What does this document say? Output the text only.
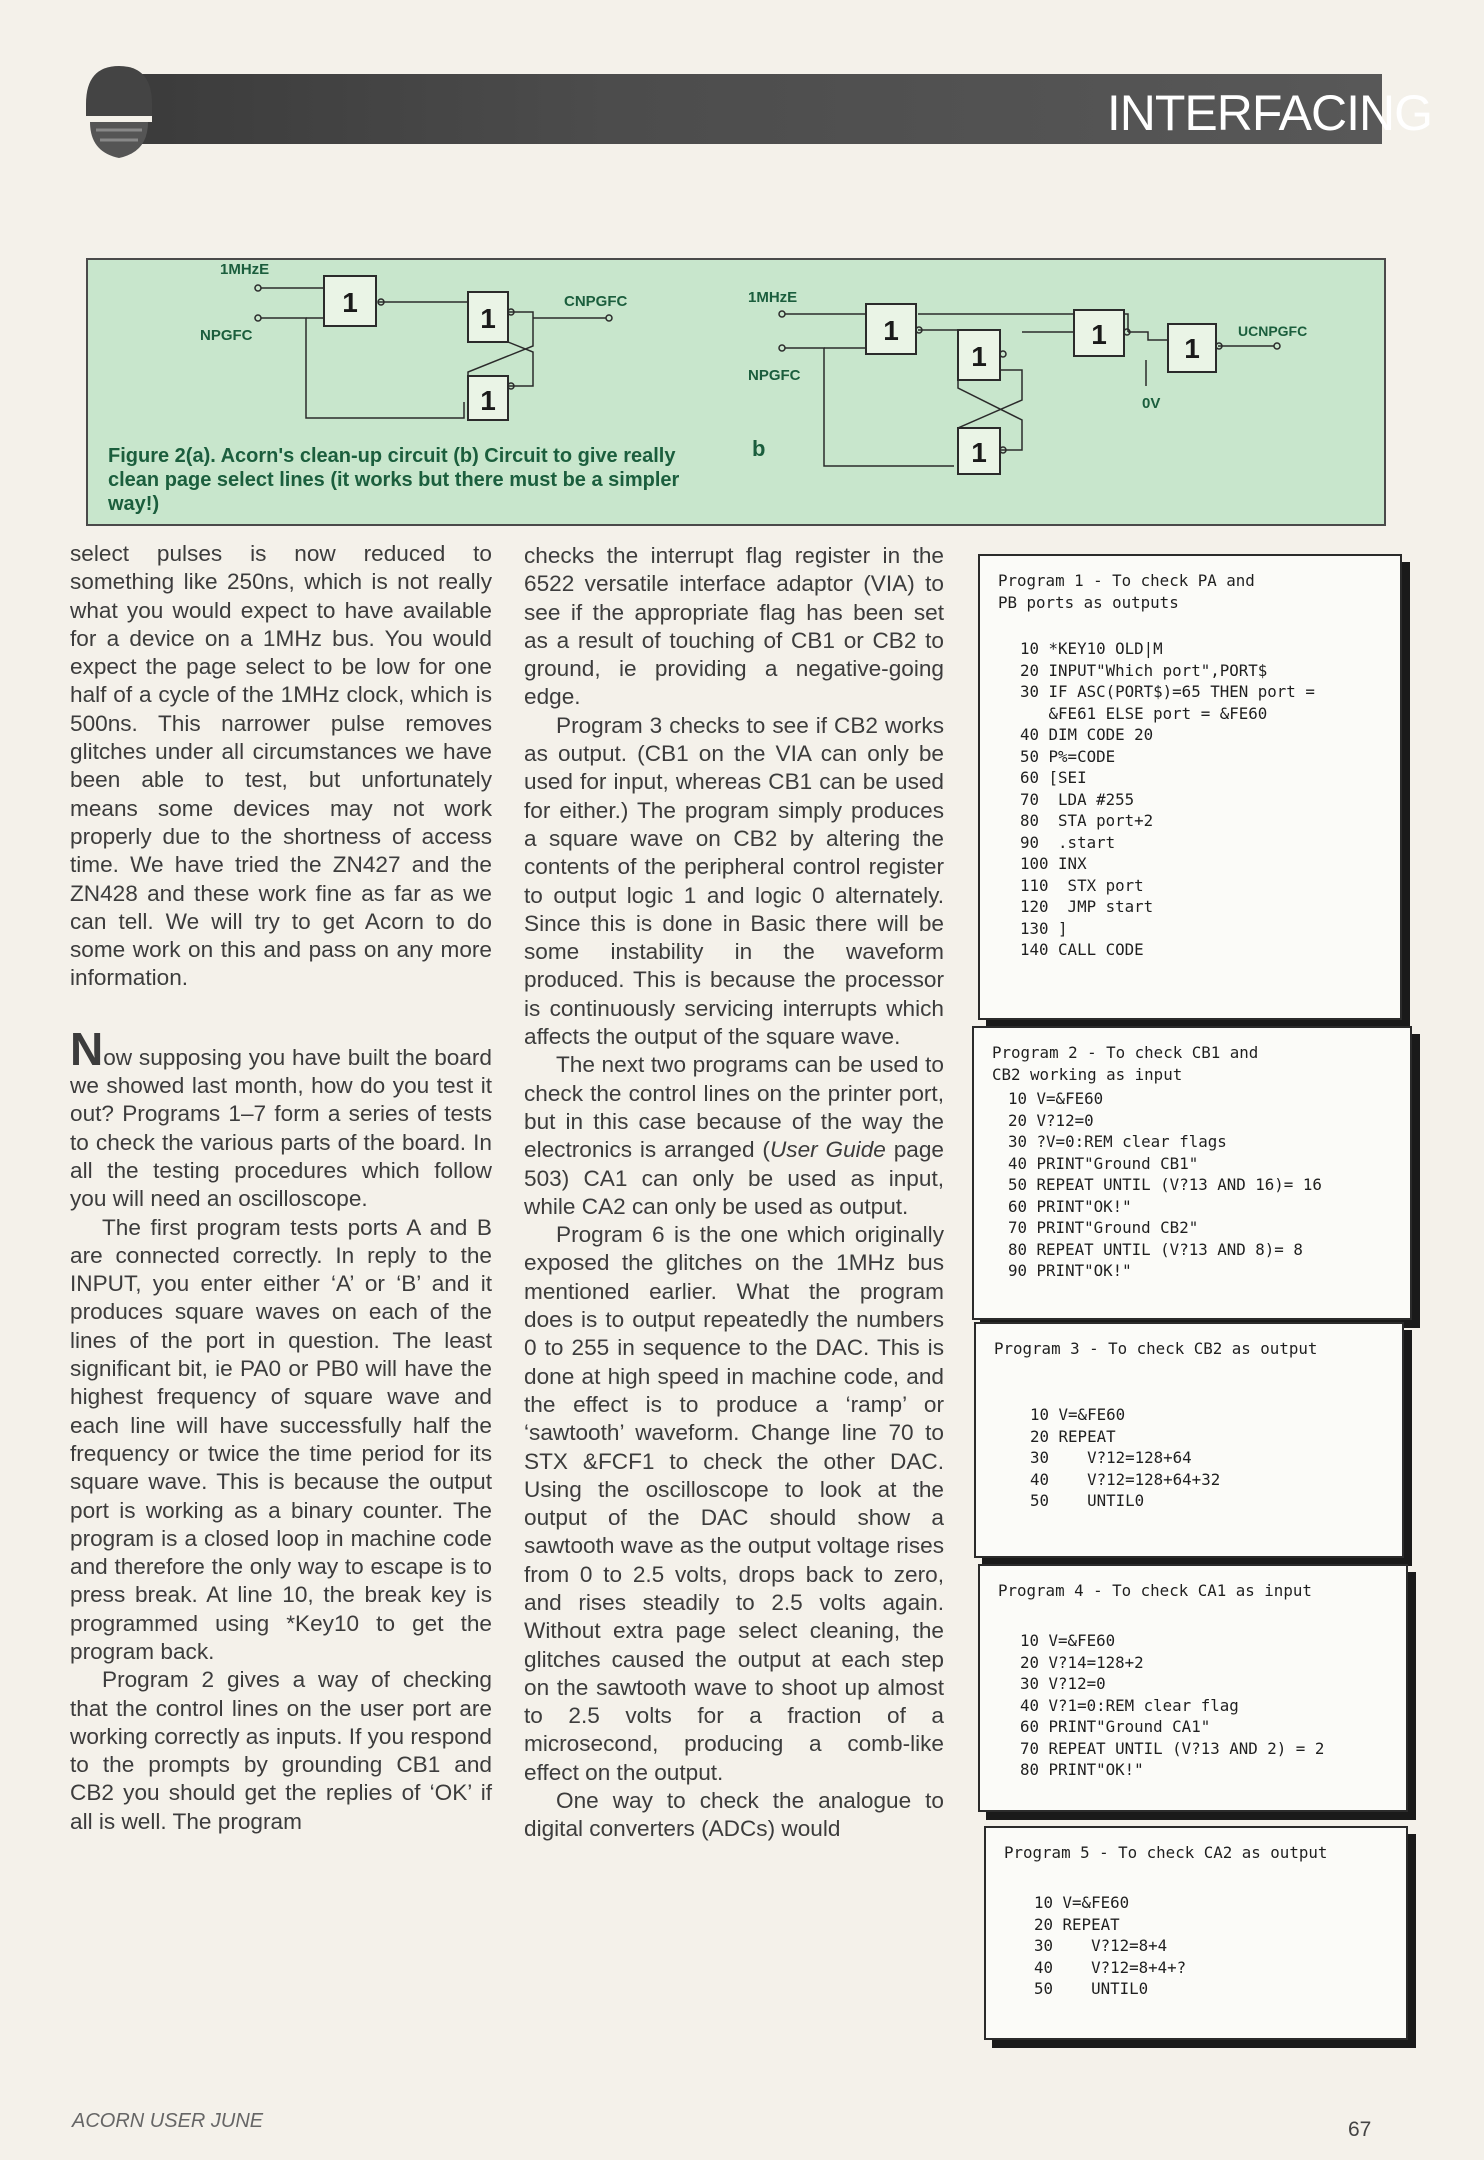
INTERFACING
1MHzE
NPGFC
CNPGFC
1
1
1
1MHzE
NPGFC
UCNPGFC
0V
b
1
1
1
1	1
Figure 2(a). Acorn's clean-up circuit (b) Circuit to give really clean page select lines (it works but there must be a simpler way!)

select pulses is now reduced to something like 250ns, which is not really what you would expect to have available for a device on a 1MHz bus. You would expect the page select to be low for one half of a cycle of the 1MHz clock, which is 500ns. This narrower pulse removes glitches under all circumstances we have been able to test, but unfortunately means some devices may not work properly due to the shortness of access time. We have tried the ZN427 and the ZN428 and these work fine as far as we can tell. We will try to get Acorn to do some work on this and pass on any more information.

Now supposing you have built the board we showed last month, how do you test it out? Programs 1–7 form a series of tests to check the various parts of the board. In all the testing procedures which follow you will need an oscilloscope.

The first program tests ports A and B are connected correctly. In reply to the INPUT, you enter either ‘A’ or ‘B’ and it produces square waves on each of the lines of the port in question. The least significant bit, ie PA0 or PB0 will have the highest frequency of square wave and each line will have successfully half the frequency or twice the time period for its square wave. This is because the output port is working as a binary counter. The program is a closed loop in machine code and therefore the only way to escape is to press break. At line 10, the break key is programmed using *Key10 to get the program back.

Program 2 gives a way of checking that the control lines on the user port are working correctly as inputs. If you respond to the prompts by grounding CB1 and CB2 you should get the replies of ‘OK’ if all is well. The program

checks the interrupt flag register in the 6522 versatile interface adaptor (VIA) to see if the appropriate flag has been set as a result of touching of CB1 or CB2 to ground, ie providing a negative-going edge.

Program 3 checks to see if CB2 works as output. (CB1 on the VIA can only be used for input, whereas CB1 can be used for either.) The program simply produces a square wave on CB2 by altering the contents of the peripheral control register to output logic 1 and logic 0 alternately. Since this is done in Basic there will be some instability in the waveform produced. This is because the processor is continuously servicing interrupts which affects the output of the square wave.

The next two programs can be used to check the control lines on the printer port, but in this case because of the way the electronics is arranged (User Guide page 503) CA1 can only be used as input, while CA2 can only be used as output.

Program 6 is the one which originally exposed the glitches on the 1MHz bus mentioned earlier. What the program does is to output repeatedly the numbers 0 to 255 in sequence to the DAC. This is done at high speed in machine code, and the effect is to produce a ‘ramp’ or ‘sawtooth’ waveform. Change line 70 to STX &FCF1 to check the other DAC. Using the oscilloscope to look at the output of the DAC should show a sawtooth wave as the output voltage rises from 0 to 2.5 volts, drops back to zero, and rises steadily to 2.5 volts again. Without extra page select cleaning, the glitches caused the output at each step on the sawtooth wave to shoot up almost to 2.5 volts for a fraction of a microsecond, producing a comb-like effect on the output.

One way to check the analogue to digital converters (ADCs) would

Program 1 - To check PA and
PB ports as outputs
10 *KEY10 OLD|M
20 INPUT"Which port",PORT$
30 IF ASC(PORT$)=65 THEN port =
&FE61 ELSE port = &FE60
40 DIM CODE 20
50 P%=CODE
60 [SEI
70  LDA #255
80  STA port+2
90  .start
100 INX
110  STX port
120  JMP start
130 ]
140 CALL CODE
Program 2 - To check CB1 and
CB2 working as input
10 V=&FE60
20 V?12=0
30 ?V=0:REM clear flags
40 PRINT"Ground CB1"
50 REPEAT UNTIL (V?13 AND 16)= 16
60 PRINT"OK!"
70 PRINT"Ground CB2"
80 REPEAT UNTIL (V?13 AND 8)= 8
90 PRINT"OK!"
Program 3 - To check CB2 as output
10 V=&FE60
20 REPEAT
30    V?12=128+64
40    V?12=128+64+32
50    UNTIL0
Program 4 - To check CA1 as input
10 V=&FE60
20 V?14=128+2
30 V?12=0
40 V?1=0:REM clear flag
60 PRINT"Ground CA1"
70 REPEAT UNTIL (V?13 AND 2) = 2
80 PRINT"OK!"
Program 5 - To check CA2 as output
10 V=&FE60
20 REPEAT
30    V?12=8+4
40    V?12=8+4+?
50    UNTIL0
ACORN USER JUNE	67
